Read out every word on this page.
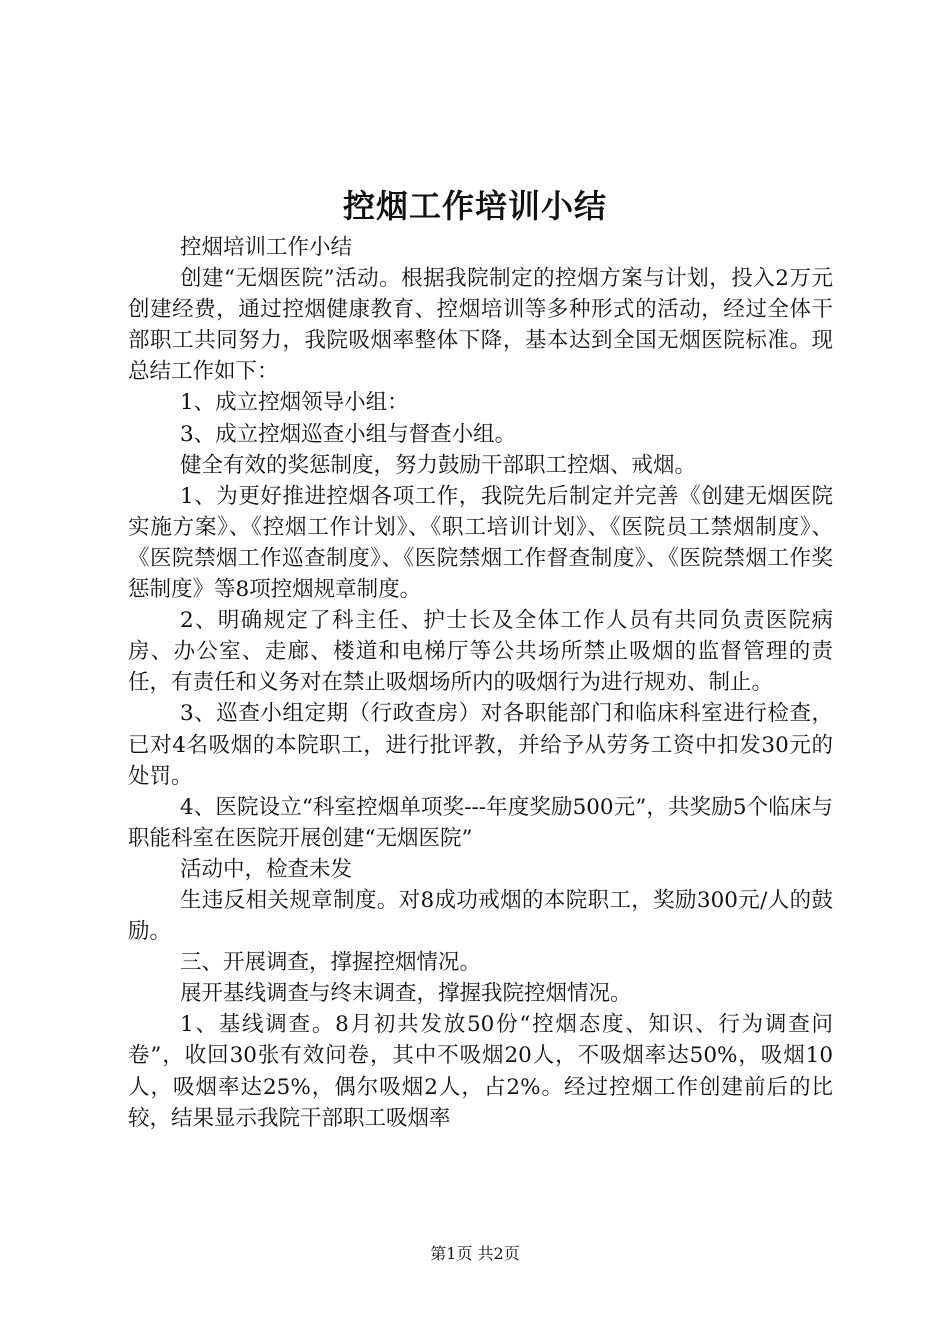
控烟工作培训小结

控烟培训工作小结

创建“无烟医院”活动。根据我院制定的控烟方案与计划，投入2万元创建经费，通过控烟健康教育、控烟培训等多种形式的活动，经过全体干部职工共同努力，我院吸烟率整体下降，基本达到全国无烟医院标准。现总结工作如下：

1、成立控烟领导小组：

3、成立控烟巡查小组与督查小组。

健全有效的奖惩制度，努力鼓励干部职工控烟、戒烟。

1、为更好推进控烟各项工作，我院先后制定并完善《创建无烟医院实施方案》、《控烟工作计划》、《职工培训计划》、《医院员工禁烟制度》、《医院禁烟工作巡查制度》、《医院禁烟工作督查制度》、《医院禁烟工作奖惩制度》等8项控烟规章制度。

2、明确规定了科主任、护士长及全体工作人员有共同负责医院病房、办公室、走廊、楼道和电梯厅等公共场所禁止吸烟的监督管理的责任，有责任和义务对在禁止吸烟场所内的吸烟行为进行规劝、制止。

3、巡查小组定期（行政查房）对各职能部门和临床科室进行检查，已对4名吸烟的本院职工，进行批评教，并给予从劳务工资中扣发30元的处罚。

4、医院设立“科室控烟单项奖---年度奖励500元”，共奖励5个临床与职能科室在医院开展创建“无烟医院”

活动中，检查未发

生违反相关规章制度。对8成功戒烟的本院职工，奖励300元/人的鼓励。

三、开展调查，撑握控烟情况。

展开基线调查与终末调查，撑握我院控烟情况。

1、基线调查。8月初共发放50份“控烟态度、知识、行为调查问卷”，收回30张有效问卷，其中不吸烟20人，不吸烟率达50%，吸烟10人，吸烟率达25%，偶尔吸烟2人，占2%。经过控烟工作创建前后的比较，结果显示我院干部职工吸烟率

第1页 共2页
